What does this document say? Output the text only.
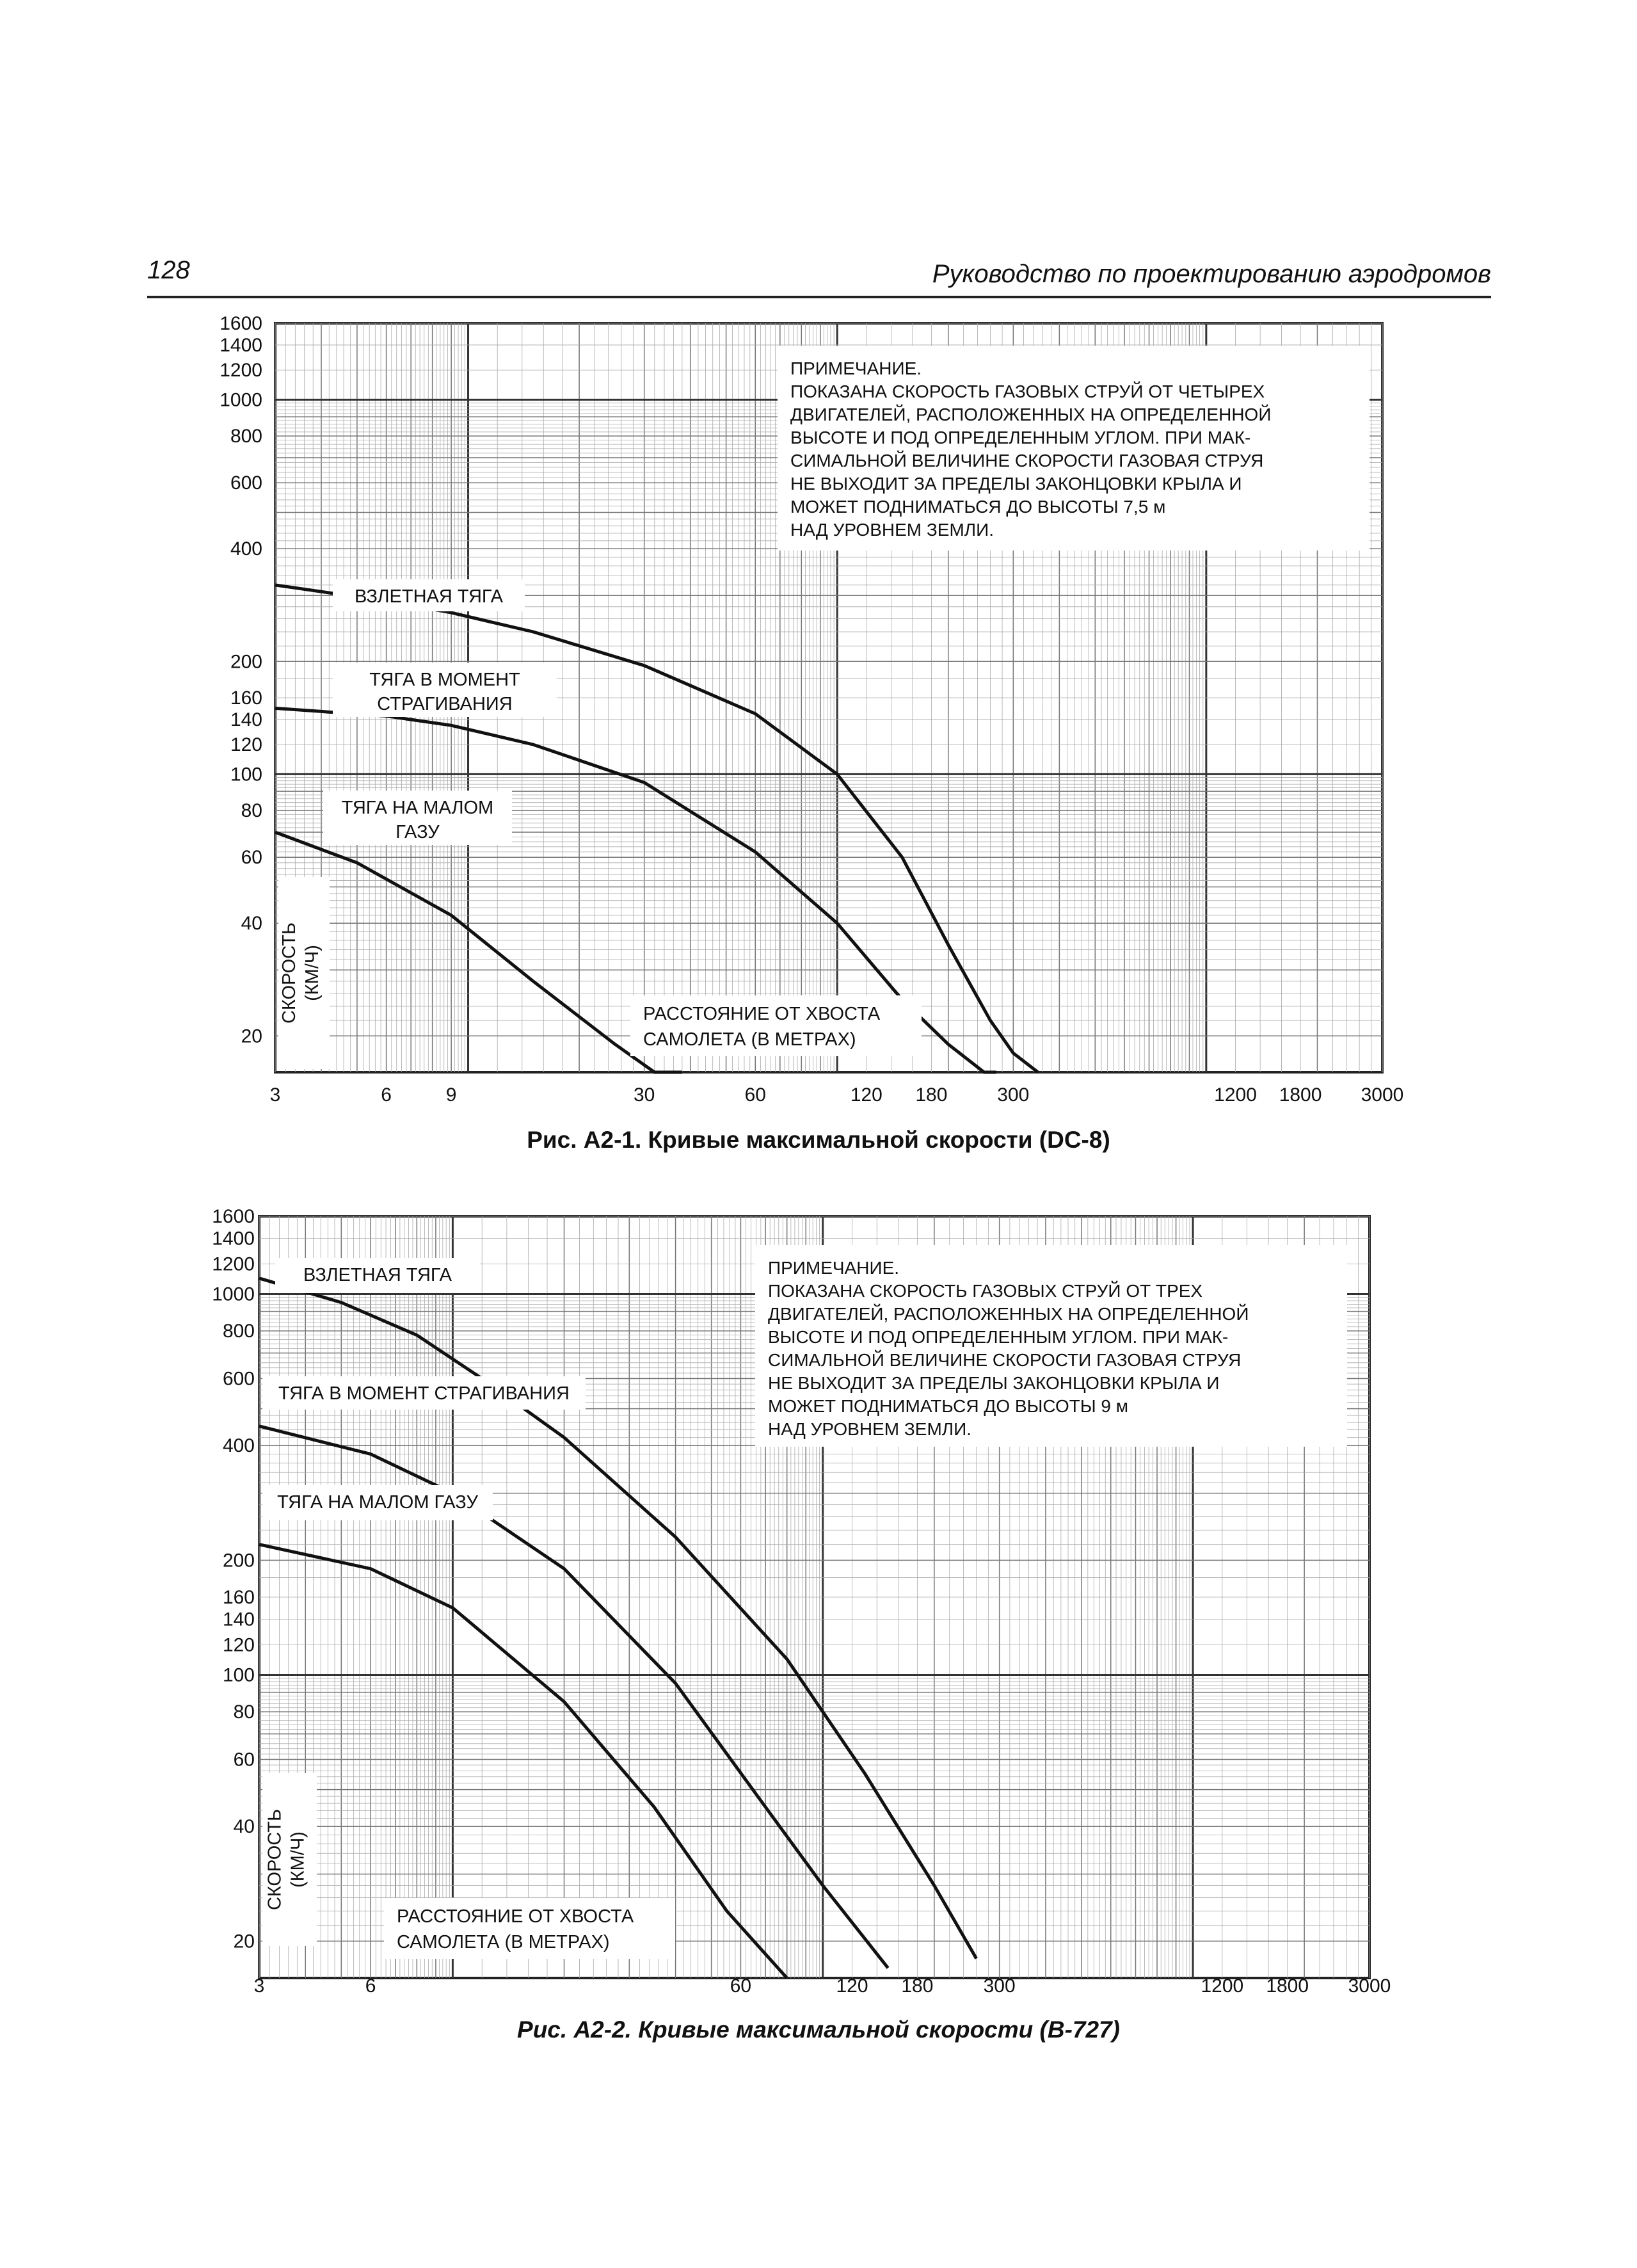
128	Руководство по проектированию аэродромов
3	6	9	30	60	120 180	300	1200 1800 3000
1600
1400
1200
1000
800
600
400
200
160
140
120
100
80
60
40
20
ПРИМЕЧАНИЕ.
ПОКАЗАНА СКОРОСТЬ ГАЗОВЫХ СТРУЙ ОТ ЧЕТЫРЕХ
ДВИГАТЕЛЕЙ, РАСПОЛОЖЕННЫХ НА ОПРЕДЕЛЕННОЙ
ВЫСОТЕ И ПОД ОПРЕДЕЛЕННЫМ УГЛОМ. ПРИ МАК-
СИМАЛЬНОЙ ВЕЛИЧИНЕ СКОРОСТИ ГАЗОВАЯ СТРУЯ
НЕ ВЫХОДИТ ЗА ПРЕДЕЛЫ ЗАКОНЦОВКИ КРЫЛА И
МОЖЕТ ПОДНИМАТЬСЯ ДО ВЫСОТЫ 7,5 м
НАД УРОВНЕМ ЗЕМЛИ.
ВЗЛЕТНАЯ ТЯГА
ТЯГА В МОМЕНТ
СТРАГИВАНИЯ
ТЯГА НА МАЛОМ
ГАЗУ
РАССТОЯНИЕ ОТ ХВОСТА
САМОЛЕТА (В МЕТРАХ)
СКОРОСТЬ (КМ/Ч)
3	6	60	120 180	300	1200 1800 3000
1600
1400
1200
1000
800
600
400
200
160
140
120
100
80
60
40
20
ПРИМЕЧАНИЕ.
ПОКАЗАНА СКОРОСТЬ ГАЗОВЫХ СТРУЙ ОТ ТРЕХ
ДВИГАТЕЛЕЙ, РАСПОЛОЖЕННЫХ НА ОПРЕДЕЛЕННОЙ
ВЫСОТЕ И ПОД ОПРЕДЕЛЕННЫМ УГЛОМ. ПРИ МАК-
СИМАЛЬНОЙ ВЕЛИЧИНЕ СКОРОСТИ ГАЗОВАЯ СТРУЯ
НЕ ВЫХОДИТ ЗА ПРЕДЕЛЫ ЗАКОНЦОВКИ КРЫЛА И
МОЖЕТ ПОДНИМАТЬСЯ ДО ВЫСОТЫ 9 м
НАД УРОВНЕМ ЗЕМЛИ.
ВЗЛЕТНАЯ ТЯГА
ТЯГА В МОМЕНТ СТРАГИВАНИЯ
ТЯГА НА МАЛОМ ГАЗУ
РАССТОЯНИЕ ОТ ХВОСТА
САМОЛЕТА (В МЕТРАХ)
СКОРОСТЬ (КМ/Ч)
Рис. А2-1. Кривые максимальной скорости (DC-8)
Рис. А2-2. Кривые максимальной скорости (В-727)
